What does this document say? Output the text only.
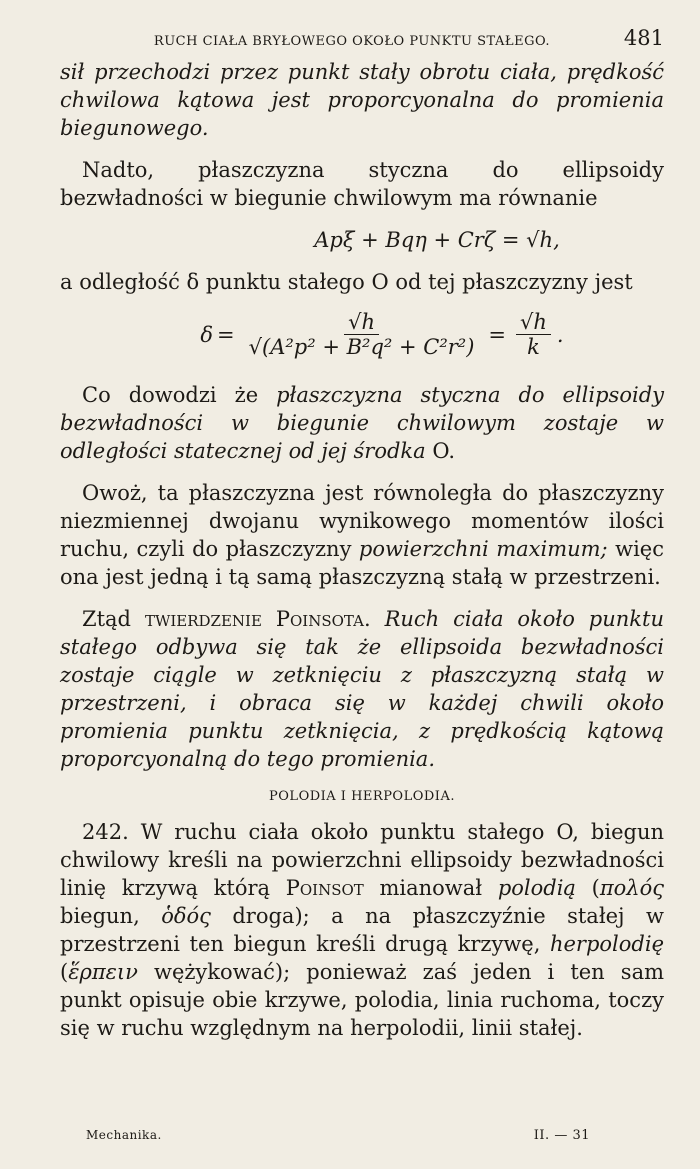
RUCH CIAŁA BRYŁOWEGO OKOŁO PUNKTU STAŁEGO.	481

sił przechodzi przez punkt stały obrotu ciała, prędkość chwilowa kątowa jest proporcyonalna do promienia biegunowego.

Nadto, płaszczyzna styczna do ellipsoidy bezwładności w biegunie chwilowym ma równanie

Apξ + Bqη + Crζ = √h,

a odległość δ punktu stałego O od tej płaszczyzny jest

$\delta = \frac{√h}{\text{√(A²p² + B²q² + C²r²)}} = \frac{√h}{k}$ .

Co dowodzi że płaszczyzna styczna do ellipsoidy bezwładności w biegunie chwilowym zostaje w odległości statecznej od jej środka O.

Owoż, ta płaszczyzna jest równoległa do płaszczyzny niezmiennej dwojanu wynikowego momentów ilości ruchu, czyli do płaszczyzny powierzchni maximum; więc ona jest jedną i tą samą płaszczyzną stałą w przestrzeni.

Ztąd twierdzenie Poinsota. Ruch ciała około punktu stałego odbywa się tak że ellipsoida bezwładności zostaje ciągle w zetknięciu z płaszczyzną stałą w przestrzeni, i obraca się w każdej chwili około promienia punktu zetknięcia, z prędkością kątową proporcyonalną do tego promienia.

POLODIA I HERPOLODIA.

242. W ruchu ciała około punktu stałego O, biegun chwilowy kreśli na powierzchni ellipsoidy bezwładności linię krzywą którą Poinsot mianował polodią (πολός biegun, ὁδός droga); a na płaszczyźnie stałej w przestrzeni ten biegun kreśli drugą krzywę, herpolodię (ἕρπειν wężykować); ponieważ zaś jeden i ten sam punkt opisuje obie krzywe, polodia, linia ruchoma, toczy się w ruchu względnym na herpolodii, linii stałej.

Mechanika.	II. — 31
